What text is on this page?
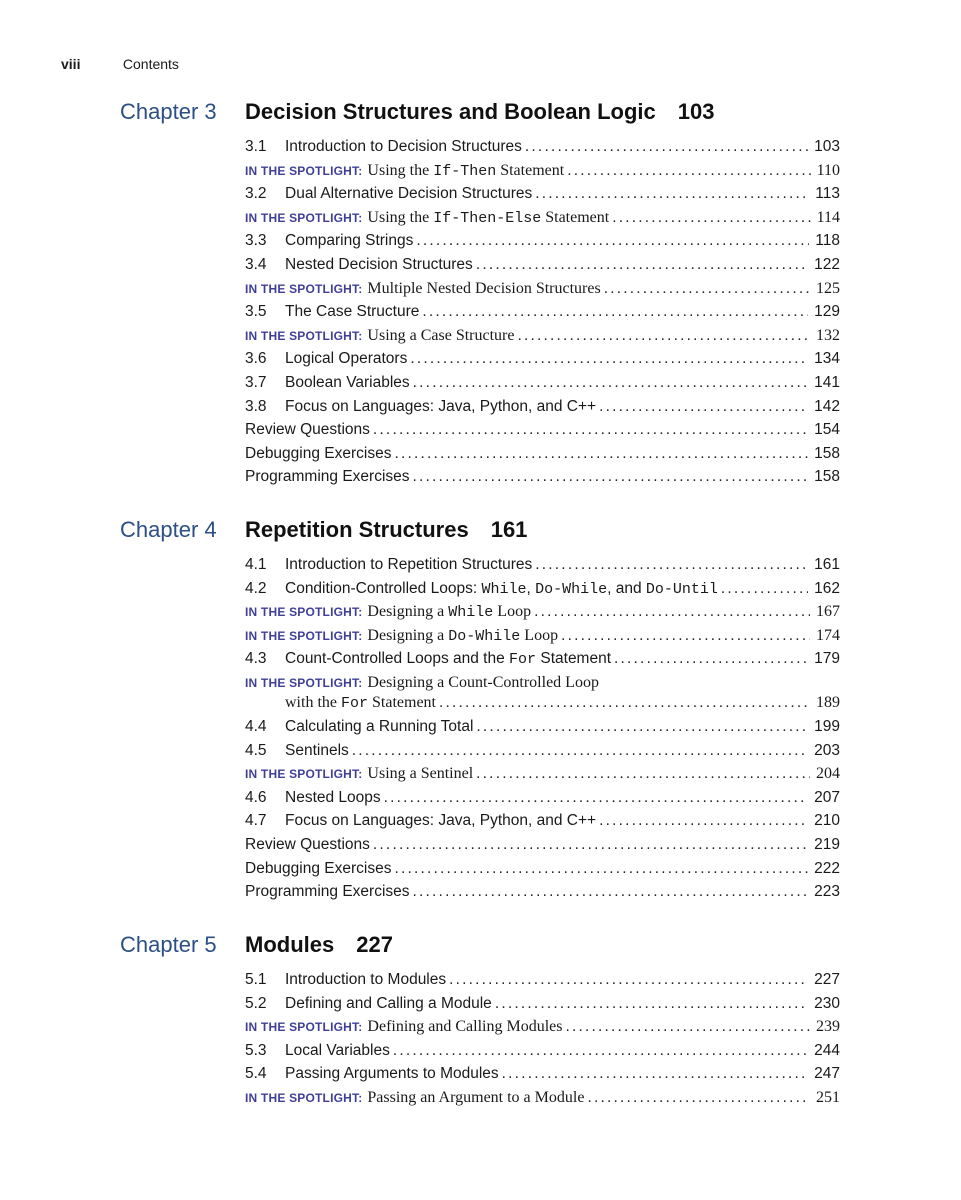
viii	Contents
Chapter 3	Decision Structures and Boolean Logic 103
3.1 Introduction to Decision Structures .....	103
IN THE SPOTLIGHT: Using the If-Then Statement .....	110
3.2 Dual Alternative Decision Structures .....	113
IN THE SPOTLIGHT: Using the If-Then-Else Statement .....	114
3.3 Comparing Strings .....	118
3.4 Nested Decision Structures .....	122
IN THE SPOTLIGHT: Multiple Nested Decision Structures .....	125
3.5 The Case Structure .....	129
IN THE SPOTLIGHT: Using a Case Structure .....	132
3.6 Logical Operators .....	134
3.7 Boolean Variables .....	141
3.8 Focus on Languages: Java, Python, and C++ .....	142
Review Questions .....	154
Debugging Exercises .....	158
Programming Exercises .....	158
Chapter 4	Repetition Structures 161
4.1 Introduction to Repetition Structures .....	161
4.2 Condition-Controlled Loops: While, Do-While, and Do-Until .....	162
IN THE SPOTLIGHT: Designing a While Loop .....	167
IN THE SPOTLIGHT: Designing a Do-While Loop .....	174
4.3 Count-Controlled Loops and the For Statement .....	179
IN THE SPOTLIGHT: Designing a Count-Controlled Loop
with the For Statement .....	189
4.4 Calculating a Running Total .....	199
4.5 Sentinels .....	203
IN THE SPOTLIGHT: Using a Sentinel .....	204
4.6 Nested Loops .....	207
4.7 Focus on Languages: Java, Python, and C++ .....	210
Review Questions .....	219
Debugging Exercises .....	222
Programming Exercises .....	223
Chapter 5	Modules 227
5.1 Introduction to Modules .....	227
5.2 Defining and Calling a Module .....	230
IN THE SPOTLIGHT: Defining and Calling Modules .....	239
5.3 Local Variables .....	244
5.4 Passing Arguments to Modules .....	247
IN THE SPOTLIGHT: Passing an Argument to a Module .....	251
